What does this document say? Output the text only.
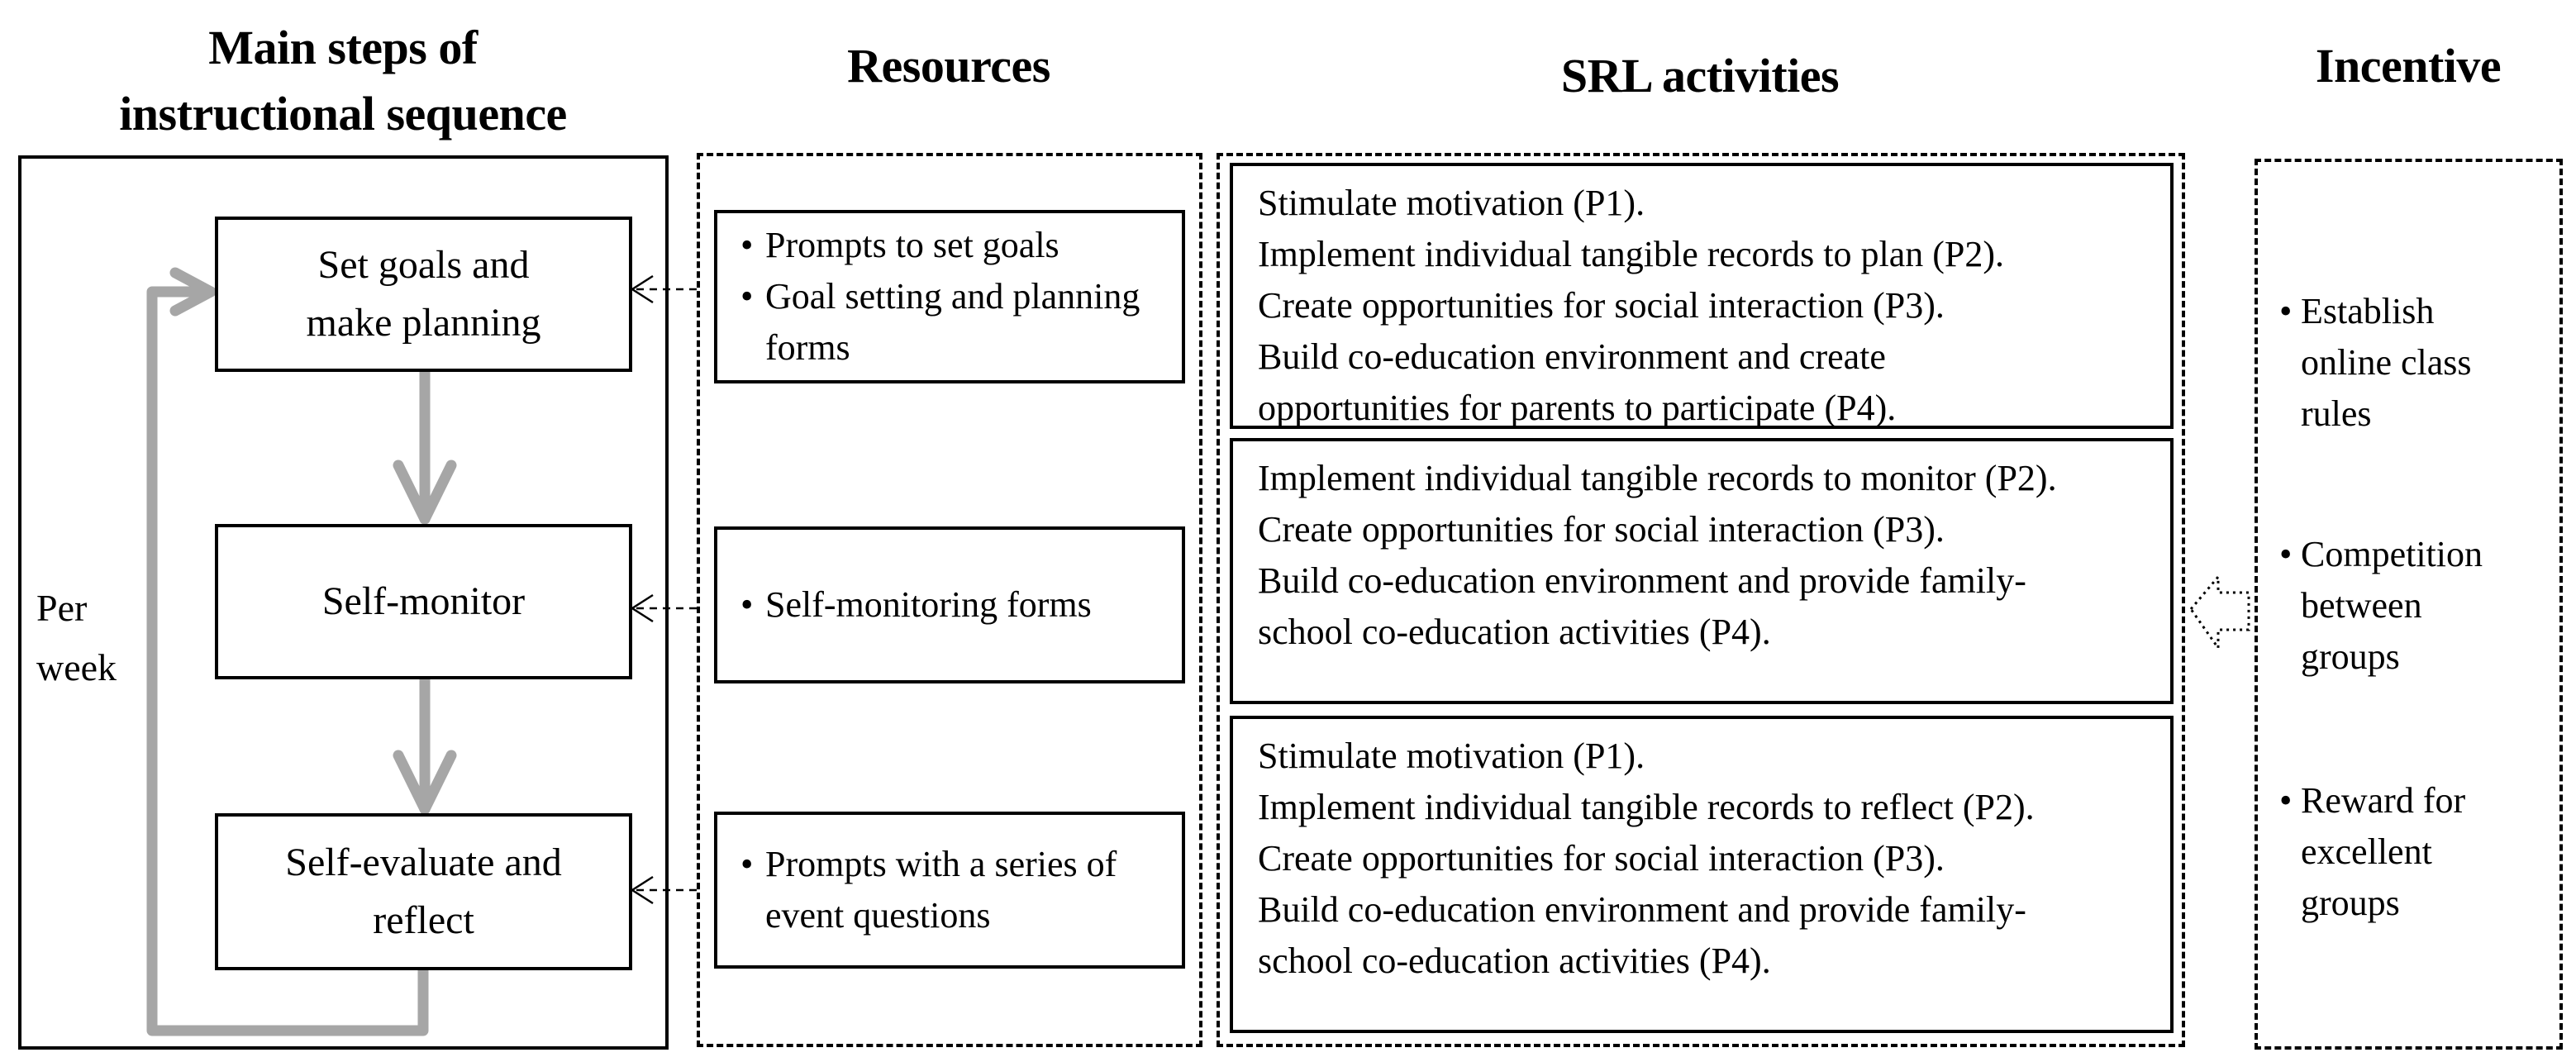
Main steps of
instructional sequence
Resources	SRL activities	Incentive
Per
week
Set goals and
make planning
Self-monitor
Self-evaluate and
reflect
• Prompts to set goals
• Goal setting and planning forms
• Self-monitoring forms
• Prompts with a series of event questions
Stimulate motivation (P1).
Implement individual tangible records to plan (P2).
Create opportunities for social interaction (P3).
Build co-education environment and create opportunities for parents to participate (P4).
Implement individual tangible records to monitor (P2).
Create opportunities for social interaction (P3).
Build co-education environment and provide family-school co-education activities (P4).
Stimulate motivation (P1).
Implement individual tangible records to reflect (P2).
Create opportunities for social interaction (P3).
Build co-education environment and provide family-school co-education activities (P4).
• Establish online class rules
• Competition between groups
• Reward for excellent groups
